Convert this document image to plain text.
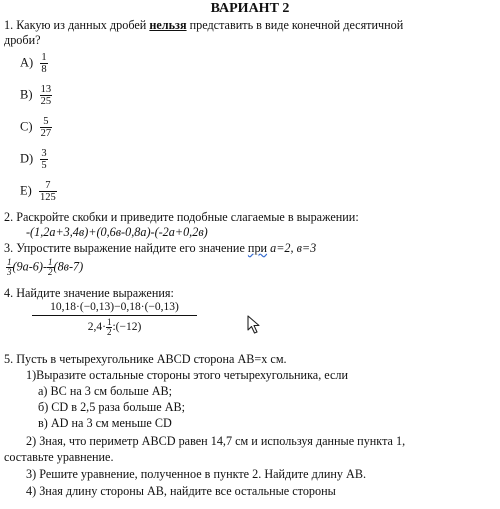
ВАРИАНТ 2
1. Какую из данных дробей нельзя представить в виде конечной десятичной
дроби?
$А) \frac{1}{8}$
$В) \frac{13}{25}$
$С) \frac{5}{27}$
$D) \frac{3}{5}$
$Е) \frac{7}{125}$
2. Раскройте скобки и приведите подобные слагаемые в выражении:
-(1,2а+3,4в)+(0,6в-0,8а)-(-2а+0,2в)
3. Упростите выражение найдите его значение при а=2, в=3
$\frac{1}{3} (9а-6)- \frac{1}{2} (8в-7)$
4. Найдите значение выражения:
$\frac{10,18\cdot(-0,13)-0,18\cdot(-0,13)}{2,4\cdot \frac{1}{2} :(-12)}$
5. Пусть в четырехугольнике ABCD сторона AB=x см.
1)Выразите остальные стороны этого четырехугольника, если
а) BC на 3 см больше AB;
б) CD в 2,5 раза больше AB;
в) AD на 3 см меньше CD
2) Зная, что периметр ABCD равен 14,7 см и используя данные пункта 1,
составьте уравнение.
3) Решите уравнение, полученное в пункте 2. Найдите длину AB.
4) Зная длину стороны AB, найдите все остальные стороны
